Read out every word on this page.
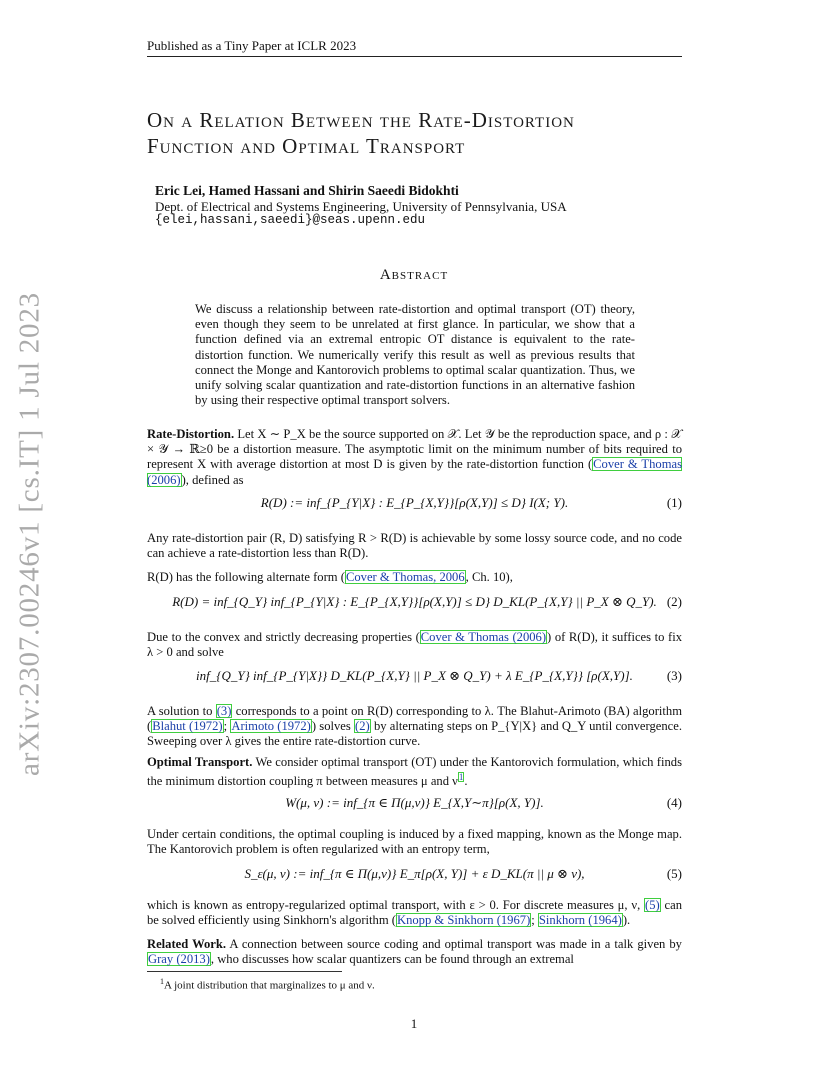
Published as a Tiny Paper at ICLR 2023
arXiv:2307.00246v1 [cs.IT] 1 Jul 2023
On a Relation Between the Rate-Distortion
Function and Optimal Transport
Eric Lei, Hamed Hassani and Shirin Saeedi Bidokhti
Dept. of Electrical and Systems Engineering, University of Pennsylvania, USA
{elei,hassani,saeedi}@seas.upenn.edu
Abstract
We discuss a relationship between rate-distortion and optimal transport (OT) theory, even though they seem to be unrelated at first glance. In particular, we show that a function defined via an extremal entropic OT distance is equivalent to the rate-distortion function. We numerically verify this result as well as previous results that connect the Monge and Kantorovich problems to optimal scalar quantization. Thus, we unify solving scalar quantization and rate-distortion functions in an alternative fashion by using their respective optimal transport solvers.
Rate-Distortion. Let X ∼ P_X be the source supported on 𝒳. Let 𝒴 be the reproduction space, and ρ : 𝒳 × 𝒴 → ℝ≥0 be a distortion measure. The asymptotic limit on the minimum number of bits required to represent X with average distortion at most D is given by the rate-distortion function (Cover & Thomas (2006)), defined as
R(D) := inf_{P_{Y|X} : E_{P_{X,Y}}[ρ(X,Y)] ≤ D} I(X; Y).	(1)
Any rate-distortion pair (R, D) satisfying R > R(D) is achievable by some lossy source code, and no code can achieve a rate-distortion less than R(D).
R(D) has the following alternate form (Cover & Thomas, 2006, Ch. 10),
R(D) = inf_{Q_Y} inf_{P_{Y|X} : E_{P_{X,Y}}[ρ(X,Y)] ≤ D} D_KL(P_{X,Y} || P_X ⊗ Q_Y). (2)
Due to the convex and strictly decreasing properties (Cover & Thomas (2006)) of R(D), it suffices to fix λ > 0 and solve
inf_{Q_Y} inf_{P_{Y|X}} D_KL(P_{X,Y} || P_X ⊗ Q_Y) + λ E_{P_{X,Y}} [ρ(X,Y)].	(3)
A solution to (3) corresponds to a point on R(D) corresponding to λ. The Blahut-Arimoto (BA) algorithm (Blahut (1972); Arimoto (1972)) solves (2) by alternating steps on P_{Y|X} and Q_Y until convergence. Sweeping over λ gives the entire rate-distortion curve.
Optimal Transport. We consider optimal transport (OT) under the Kantorovich formulation, which finds the minimum distortion coupling π between measures μ and ν$^1$.
W(μ, ν) := inf_{π ∈ Π(μ,ν)} E_{X,Y∼π}[ρ(X, Y)].	(4)
Under certain conditions, the optimal coupling is induced by a fixed mapping, known as the Monge map. The Kantorovich problem is often regularized with an entropy term,
S_ε(μ, ν) := inf_{π ∈ Π(μ,ν)} E_π[ρ(X, Y)] + ε D_KL(π || μ ⊗ ν),	(5)
which is known as entropy-regularized optimal transport, with ε > 0. For discrete measures μ, ν, (5) can be solved efficiently using Sinkhorn's algorithm (Knopp & Sinkhorn (1967); Sinkhorn (1964)).
Related Work. A connection between source coding and optimal transport was made in a talk given by Gray (2013), who discusses how scalar quantizers can be found through an extremal
$^1$A joint distribution that marginalizes to μ and ν.
1
